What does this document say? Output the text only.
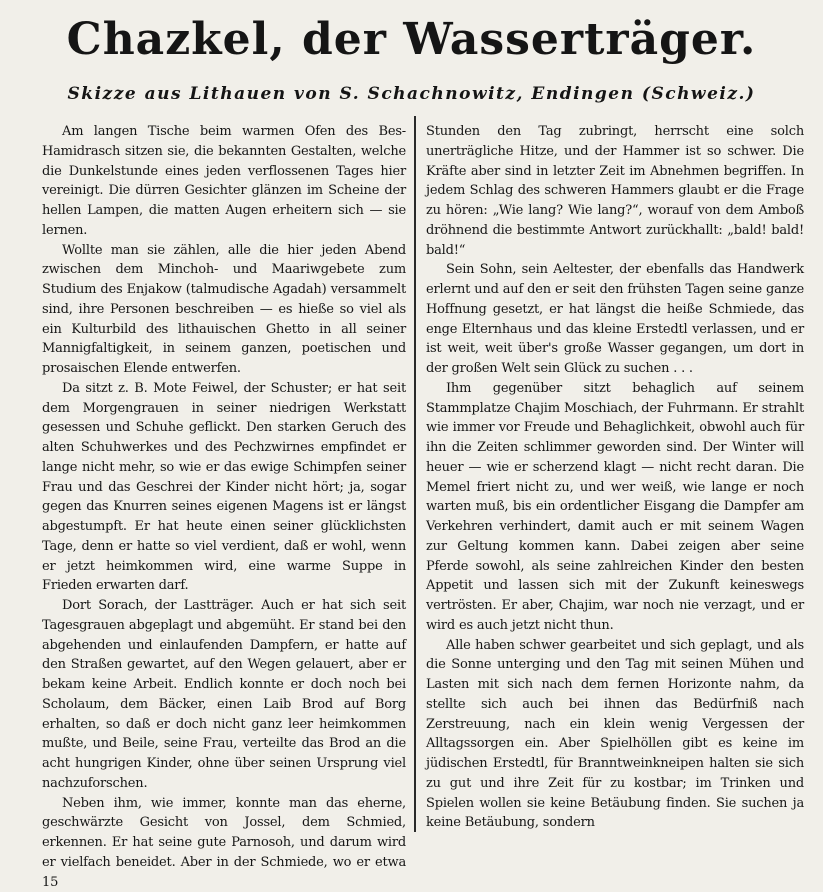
Chazkel, der Wasserträger.
Skizze aus Lithauen von S. Schachnowitz, Endingen (Schweiz.)

Am langen Tische beim warmen Ofen des Bes-Hamidrasch sitzen sie, die bekannten Gestalten, welche die Dunkelstunde eines jeden verflossenen Tages hier vereinigt. Die dürren Gesichter glänzen im Scheine der hellen Lampen, die matten Augen erheitern sich — sie lernen.

Wollte man sie zählen, alle die hier jeden Abend zwischen dem Minchoh- und Maariwgebete zum Studium des Enjakow (talmudische Agadah) versammelt sind, ihre Personen beschreiben — es hieße so viel als ein Kulturbild des lithauischen Ghetto in all seiner Mannigfaltigkeit, in seinem ganzen, poetischen und prosaischen Elende entwerfen.

Da sitzt z. B. Mote Feiwel, der Schuster; er hat seit dem Morgengrauen in seiner niedrigen Werkstatt gesessen und Schuhe geflickt. Den starken Geruch des alten Schuhwerkes und des Pechzwirnes empfindet er lange nicht mehr, so wie er das ewige Schimpfen seiner Frau und das Geschrei der Kinder nicht hört; ja, sogar gegen das Knurren seines eigenen Magens ist er längst abgestumpft. Er hat heute einen seiner glücklichsten Tage, denn er hatte so viel verdient, daß er wohl, wenn er jetzt heimkommen wird, eine warme Suppe in Frieden erwarten darf.

Dort Sorach, der Lastträger. Auch er hat sich seit Tagesgrauen abgeplagt und abgemüht. Er stand bei den abgehenden und einlaufenden Dampfern, er hatte auf den Straßen gewartet, auf den Wegen gelauert, aber er bekam keine Arbeit. Endlich konnte er doch noch bei Scholaum, dem Bäcker, einen Laib Brod auf Borg erhalten, so daß er doch nicht ganz leer heimkommen mußte, und Beile, seine Frau, verteilte das Brod an die acht hungrigen Kinder, ohne über seinen Ursprung viel nachzuforschen.

Neben ihm, wie immer, konnte man das eherne, geschwärzte Gesicht von Jossel, dem Schmied, erkennen. Er hat seine gute Parnosoh, und darum wird er vielfach beneidet. Aber in der Schmiede, wo er etwa 15

Stunden den Tag zubringt, herrscht eine solch unerträgliche Hitze, und der Hammer ist so schwer. Die Kräfte aber sind in letzter Zeit im Abnehmen begriffen. In jedem Schlag des schweren Hammers glaubt er die Frage zu hören: „Wie lang? Wie lang?“, worauf von dem Amboß dröhnend die bestimmte Antwort zurückhallt: „bald! bald! bald!“

Sein Sohn, sein Aeltester, der ebenfalls das Handwerk erlernt und auf den er seit den frühsten Tagen seine ganze Hoffnung gesetzt, er hat längst die heiße Schmiede, das enge Elternhaus und das kleine Erstedtl verlassen, und er ist weit, weit über's große Wasser gegangen, um dort in der großen Welt sein Glück zu suchen . . .

Ihm gegenüber sitzt behaglich auf seinem Stammplatze Chajim Moschiach, der Fuhrmann. Er strahlt wie immer vor Freude und Behaglichkeit, obwohl auch für ihn die Zeiten schlimmer geworden sind. Der Winter will heuer — wie er scherzend klagt — nicht recht daran. Die Memel friert nicht zu, und wer weiß, wie lange er noch warten muß, bis ein ordentlicher Eisgang die Dampfer am Verkehren verhindert, damit auch er mit seinem Wagen zur Geltung kommen kann. Dabei zeigen aber seine Pferde sowohl, als seine zahlreichen Kinder den besten Appetit und lassen sich mit der Zukunft keineswegs vertrösten. Er aber, Chajim, war noch nie verzagt, und er wird es auch jetzt nicht thun.

Alle haben schwer gearbeitet und sich geplagt, und als die Sonne unterging und den Tag mit seinen Mühen und Lasten mit sich nach dem fernen Horizonte nahm, da stellte sich auch bei ihnen das Bedürfniß nach Zerstreuung, nach ein klein wenig Vergessen der Alltagssorgen ein. Aber Spielhöllen gibt es keine im jüdischen Erstedtl, für Branntweinkneipen halten sie sich zu gut und ihre Zeit für zu kostbar; im Trinken und Spielen wollen sie keine Betäubung finden. Sie suchen ja keine Betäubung, sondern
